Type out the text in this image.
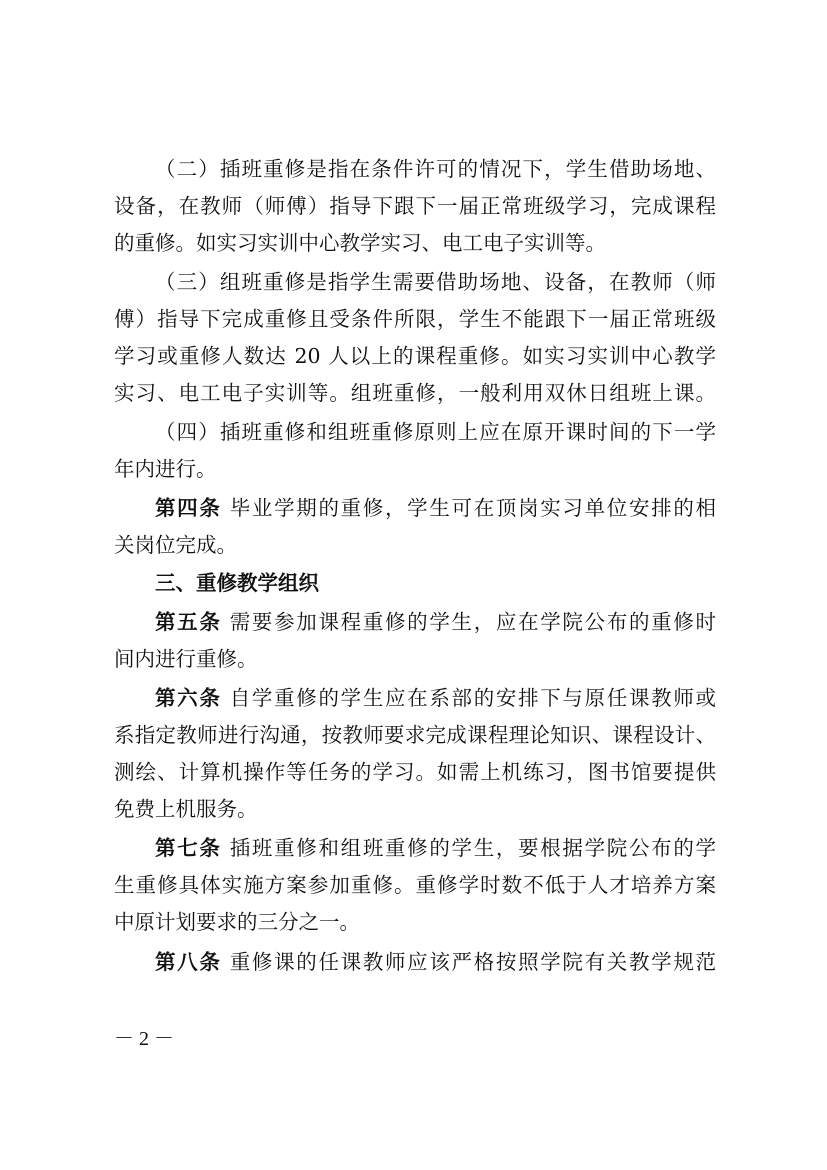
（二）插班重修是指在条件许可的情况下，学生借助场地、
设备，在教师（师傅）指导下跟下一届正常班级学习，完成课程
的重修。如实习实训中心教学实习、电工电子实训等。
（三）组班重修是指学生需要借助场地、设备，在教师（师
傅）指导下完成重修且受条件所限，学生不能跟下一届正常班级
学习或重修人数达 20 人以上的课程重修。如实习实训中心教学
实习、电工电子实训等。组班重修，一般利用双休日组班上课。
（四）插班重修和组班重修原则上应在原开课时间的下一学
年内进行。
第四条 毕业学期的重修，学生可在顶岗实习单位安排的相
关岗位完成。
三、重修教学组织
第五条 需要参加课程重修的学生，应在学院公布的重修时
间内进行重修。
第六条 自学重修的学生应在系部的安排下与原任课教师或
系指定教师进行沟通，按教师要求完成课程理论知识、课程设计、
测绘、计算机操作等任务的学习。如需上机练习，图书馆要提供
免费上机服务。
第七条 插班重修和组班重修的学生，要根据学院公布的学
生重修具体实施方案参加重修。重修学时数不低于人才培养方案
中原计划要求的三分之一。
第八条 重修课的任课教师应该严格按照学院有关教学规范
－ 2 －
